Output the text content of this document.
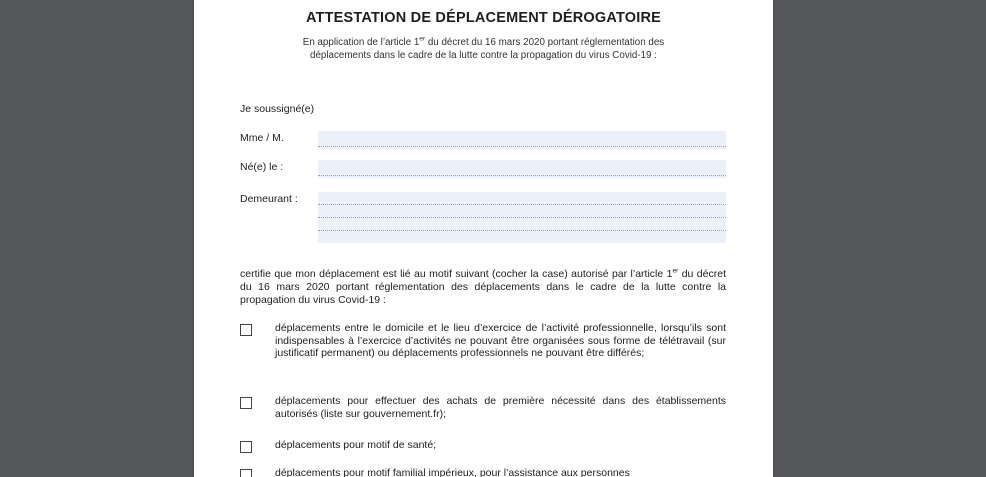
ATTESTATION DE DÉPLACEMENT DÉROGATOIRE
En application de l’article 1er du décret du 16 mars 2020 portant réglementation des
déplacements dans le cadre de la lutte contre la propagation du virus Covid-19 :
Je soussigné(e)
Mme / M.
Né(e) le :
Demeurant :
certifie que mon déplacement est lié au motif suivant (cocher la case) autorisé par l’article 1er du décret du 16 mars 2020 portant réglementation des déplacements dans le cadre de la lutte contre la propagation du virus Covid-19 :
déplacements entre le domicile et le lieu d’exercice de l’activité professionnelle, lorsqu’ils sont indispensables à l’exercice d’activités ne pouvant être organisées sous forme de télétravail (sur justificatif permanent) ou déplacements professionnels ne pouvant être différés;
déplacements pour effectuer des achats de première nécessité dans des établissements autorisés (liste sur gouvernement.fr);
déplacements pour motif de santé;
déplacements pour motif familial impérieux, pour l’assistance aux personnes
